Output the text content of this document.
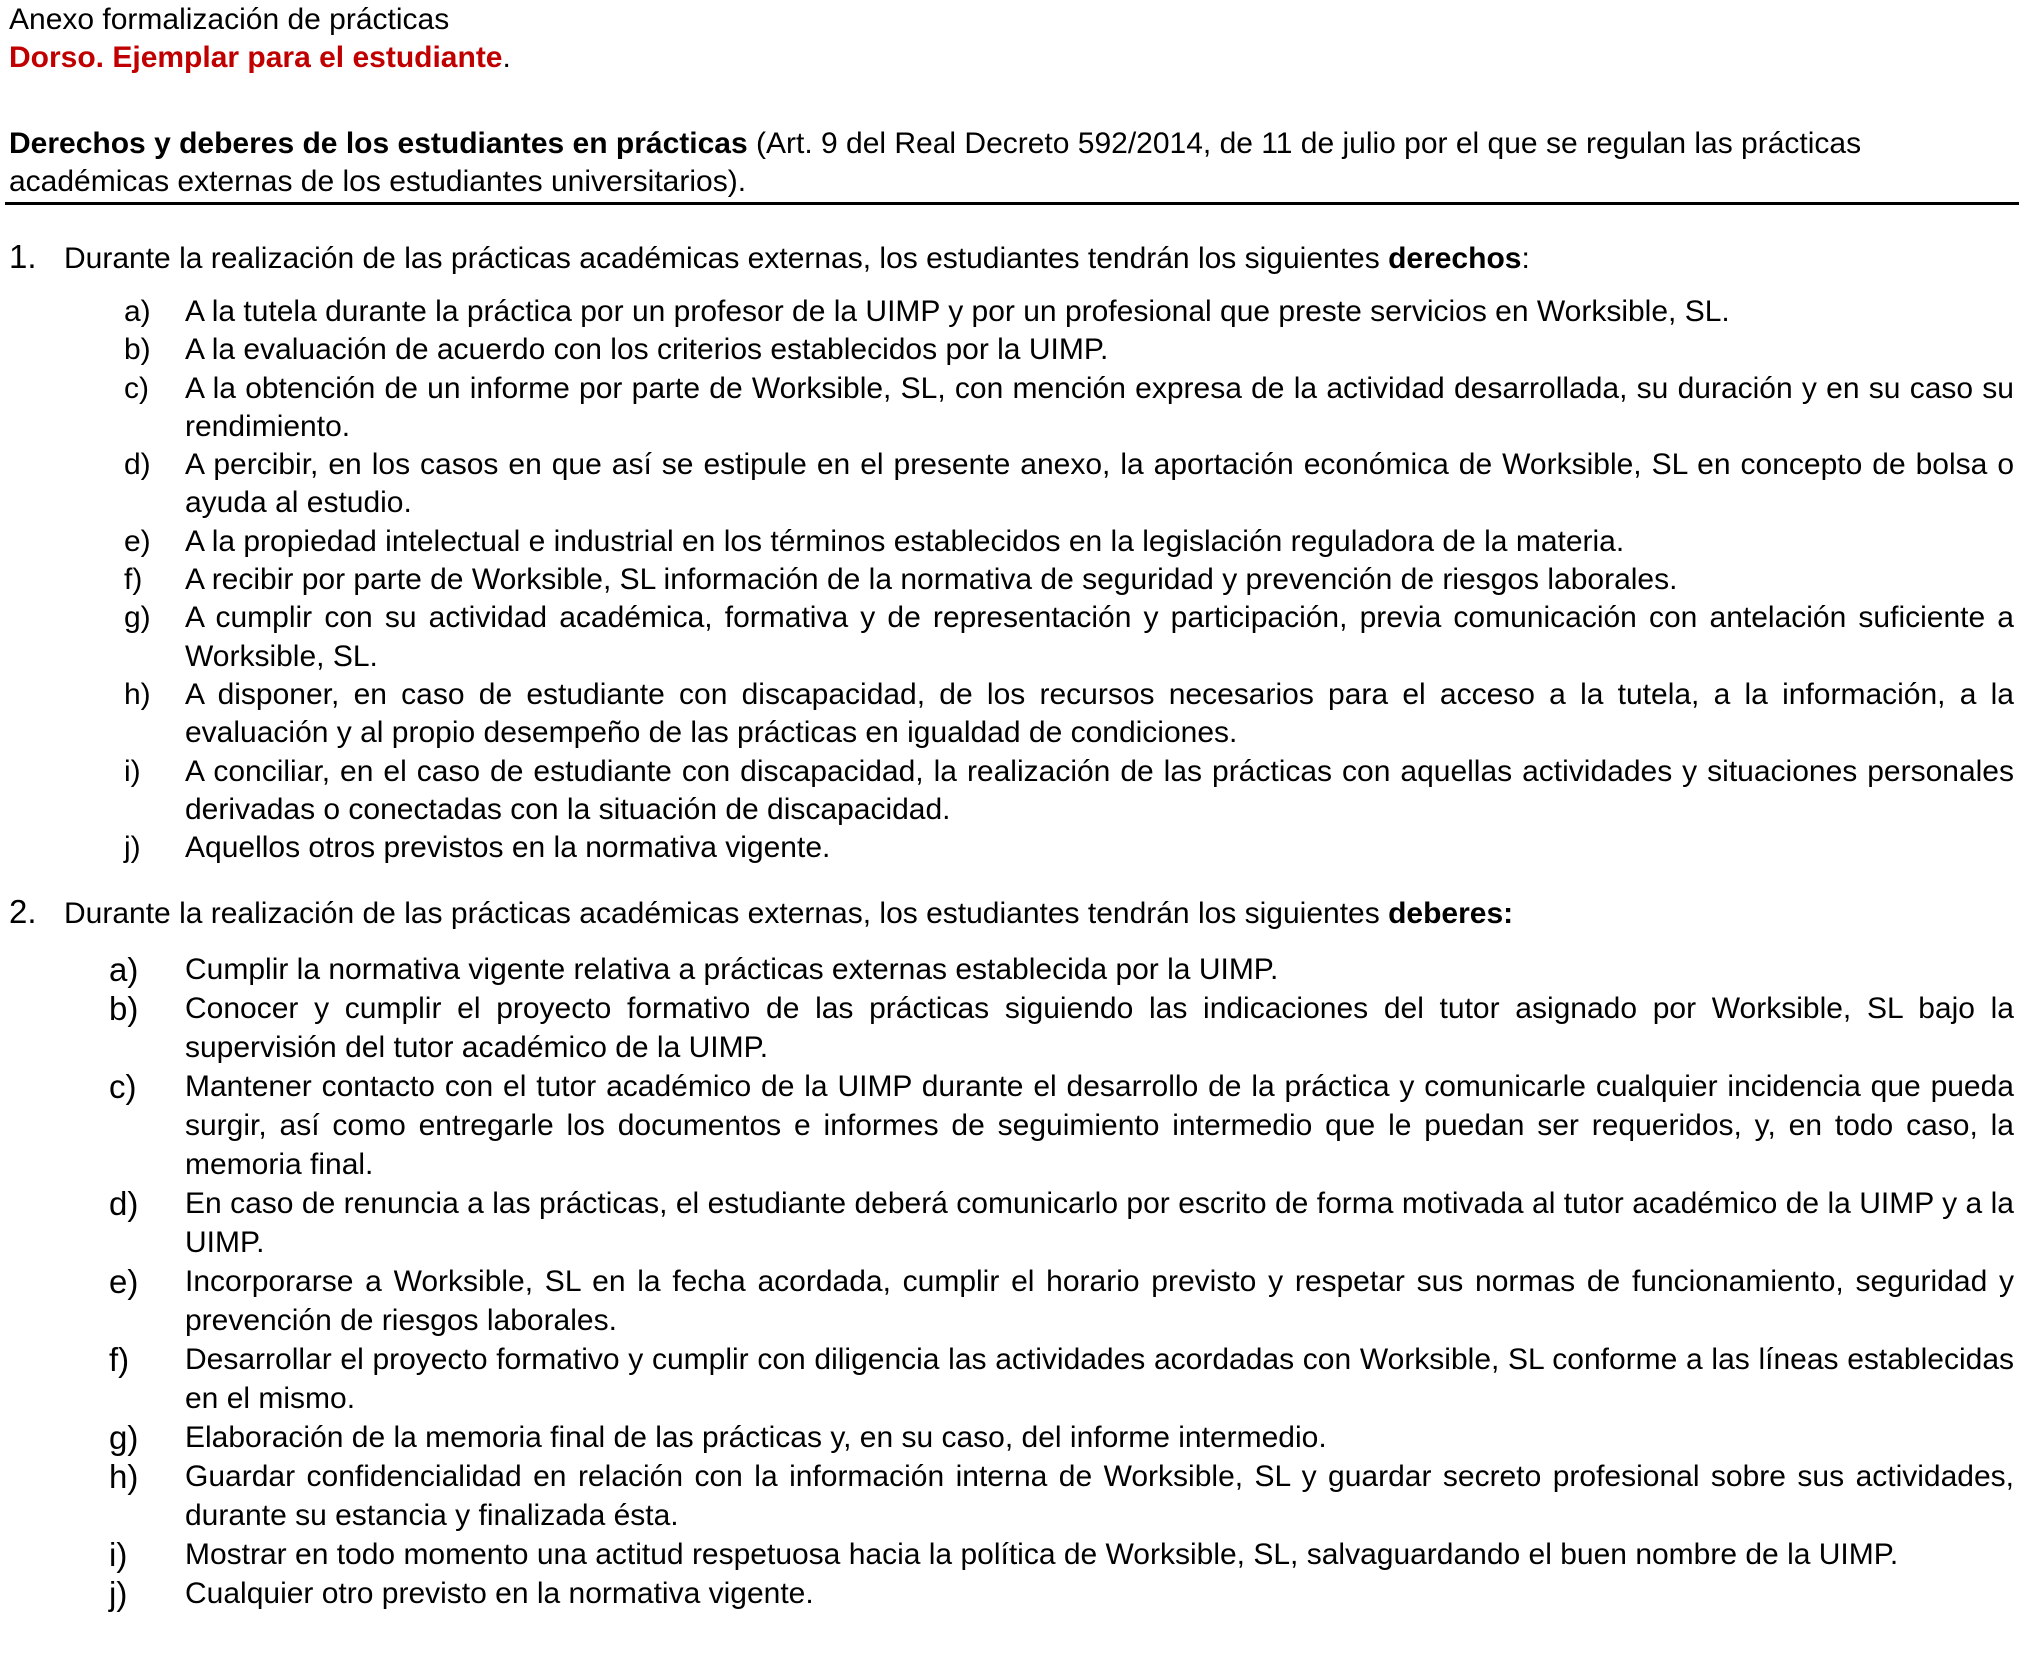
Anexo formalización de prácticas
Dorso. Ejemplar para el estudiante.
Derechos y deberes de los estudiantes en prácticas (Art. 9 del Real Decreto 592/2014, de 11 de julio por el que se regulan las prácticas académicas externas de los estudiantes universitarios).
1. Durante la realización de las prácticas académicas externas, los estudiantes tendrán los siguientes derechos:
a) A la tutela durante la práctica por un profesor de la UIMP y por un profesional que preste servicios en Worksible, SL.
b) A la evaluación de acuerdo con los criterios establecidos por la UIMP.
c) A la obtención de un informe por parte de Worksible, SL, con mención expresa de la actividad desarrollada, su duración y en su caso su rendimiento.
d) A percibir, en los casos en que así se estipule en el presente anexo, la aportación económica de Worksible, SL en concepto de bolsa o ayuda al estudio.
e) A la propiedad intelectual e industrial en los términos establecidos en la legislación reguladora de la materia.
f) A recibir por parte de Worksible, SL información de la normativa de seguridad y prevención de riesgos laborales.
g) A cumplir con su actividad académica, formativa y de representación y participación, previa comunicación con antelación suficiente a Worksible, SL.
h) A disponer, en caso de estudiante con discapacidad, de los recursos necesarios para el acceso a la tutela, a la información, a la evaluación y al propio desempeño de las prácticas en igualdad de condiciones.
i) A conciliar, en el caso de estudiante con discapacidad, la realización de las prácticas con aquellas actividades y situaciones personales derivadas o conectadas con la situación de discapacidad.
j) Aquellos otros previstos en la normativa vigente.
2. Durante la realización de las prácticas académicas externas, los estudiantes tendrán los siguientes deberes:
a) Cumplir la normativa vigente relativa a prácticas externas establecida por la UIMP.
b) Conocer y cumplir el proyecto formativo de las prácticas siguiendo las indicaciones del tutor asignado por Worksible, SL bajo la supervisión del tutor académico de la UIMP.
c) Mantener contacto con el tutor académico de la UIMP durante el desarrollo de la práctica y comunicarle cualquier incidencia que pueda surgir, así como entregarle los documentos e informes de seguimiento intermedio que le puedan ser requeridos, y, en todo caso, la memoria final.
d) En caso de renuncia a las prácticas, el estudiante deberá comunicarlo por escrito de forma motivada al tutor académico de la UIMP y a la UIMP.
e) Incorporarse a Worksible, SL en la fecha acordada, cumplir el horario previsto y respetar sus normas de funcionamiento, seguridad y prevención de riesgos laborales.
f) Desarrollar el proyecto formativo y cumplir con diligencia las actividades acordadas con Worksible, SL conforme a las líneas establecidas en el mismo.
g) Elaboración de la memoria final de las prácticas y, en su caso, del informe intermedio.
h) Guardar confidencialidad en relación con la información interna de Worksible, SL y guardar secreto profesional sobre sus actividades, durante su estancia y finalizada ésta.
i) Mostrar en todo momento una actitud respetuosa hacia la política de Worksible, SL, salvaguardando el buen nombre de la UIMP.
j) Cualquier otro previsto en la normativa vigente.
